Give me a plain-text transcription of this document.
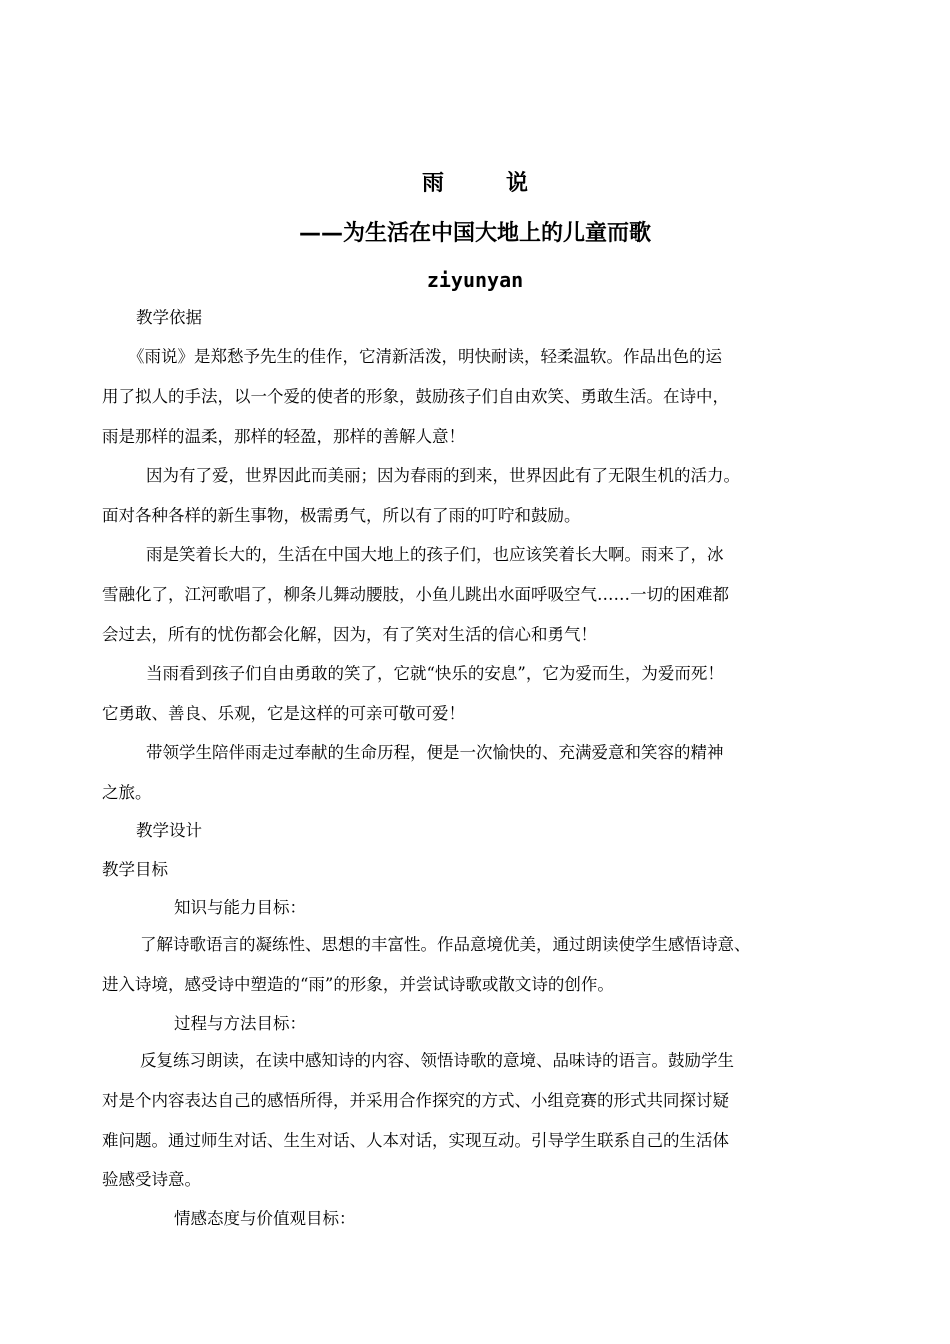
雨	说
——为生活在中国大地上的儿童而歌
ziyunyan
教学依据
《雨说》是郑愁予先生的佳作，它清新活泼，明快耐读，轻柔温软。作品出色的运
用了拟人的手法，以一个爱的使者的形象，鼓励孩子们自由欢笑、勇敢生活。在诗中，
雨是那样的温柔，那样的轻盈，那样的善解人意！
因为有了爱，世界因此而美丽；因为春雨的到来，世界因此有了无限生机的活力。
面对各种各样的新生事物，极需勇气，所以有了雨的叮咛和鼓励。
雨是笑着长大的，生活在中国大地上的孩子们，也应该笑着长大啊。雨来了，冰
雪融化了，江河歌唱了，柳条儿舞动腰肢，小鱼儿跳出水面呼吸空气……一切的困难都
会过去，所有的忧伤都会化解，因为，有了笑对生活的信心和勇气！
当雨看到孩子们自由勇敢的笑了，它就“快乐的安息”，它为爱而生，为爱而死！
它勇敢、善良、乐观，它是这样的可亲可敬可爱！
带领学生陪伴雨走过奉献的生命历程，便是一次愉快的、充满爱意和笑容的精神
之旅。
教学设计
教学目标
知识与能力目标：
了解诗歌语言的凝练性、思想的丰富性。作品意境优美，通过朗读使学生感悟诗意、
进入诗境，感受诗中塑造的“雨”的形象，并尝试诗歌或散文诗的创作。
过程与方法目标：
反复练习朗读，在读中感知诗的内容、领悟诗歌的意境、品味诗的语言。鼓励学生
对是个内容表达自己的感悟所得，并采用合作探究的方式、小组竞赛的形式共同探讨疑
难问题。通过师生对话、生生对话、人本对话，实现互动。引导学生联系自己的生活体
验感受诗意。
情感态度与价值观目标：
